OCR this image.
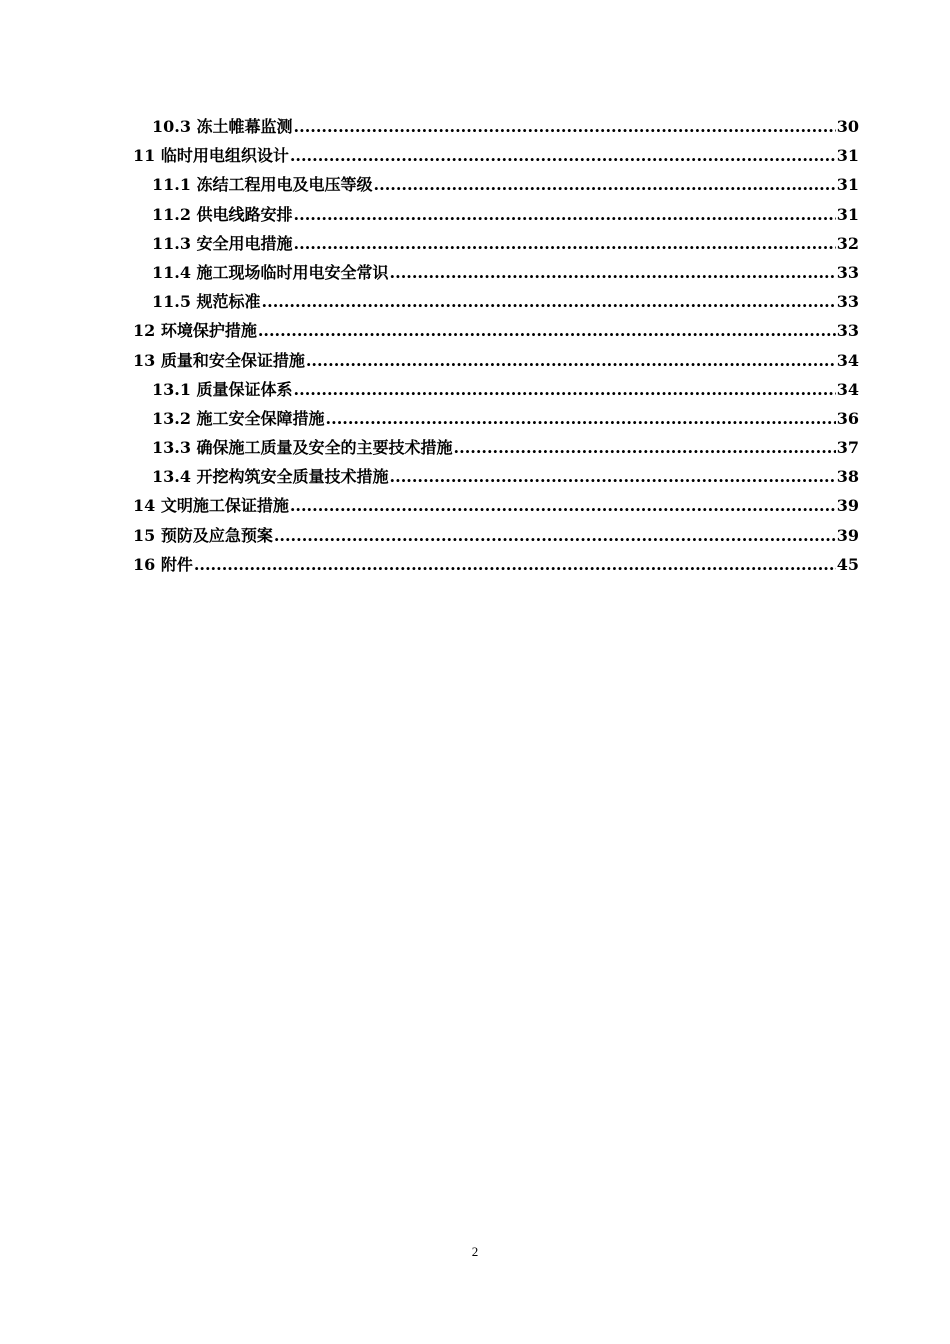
10.3 冻土帷幕监测 .....	30
11 临时用电组织设计 .....	31
11.1 冻结工程用电及电压等级 .....	31
11.2 供电线路安排 .....	31
11.3 安全用电措施 .....	32
11.4 施工现场临时用电安全常识 .....	33
11.5 规范标准 .....	33
12 环境保护措施 .....	33
13 质量和安全保证措施 .....	34
13.1 质量保证体系 .....	34
13.2 施工安全保障措施 .....	36
13.3 确保施工质量及安全的主要技术措施 .....	37
13.4 开挖构筑安全质量技术措施 .....	38
14 文明施工保证措施 .....	39
15 预防及应急预案 .....	39
16 附件 .....	45
2
